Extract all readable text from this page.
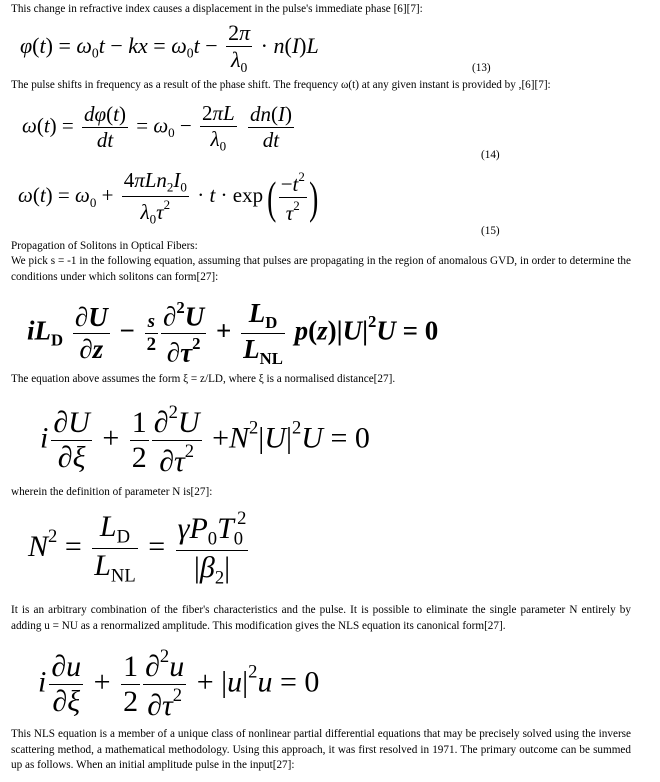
This change in refractive index causes a displacement in the pulse's immediate phase [6][7]:
$\varphi(t) = \omega_0t$ − kx = $\omega_0t - \frac{2\pi}{\lambda_0} \cdot n(I)L$
(13)
The pulse shifts in frequency as a result of the phase shift. The frequency ω(t) at any given instant is provided by ,[6][7]:
$\omega(t) = \frac{d\varphi(t)}{dt} = \omega_0 - \frac{2\pi L}{\lambda_0}$
$\frac{dn(I)}{dt}$
(14)
$\omega(t) = \omega_0 + \frac{4\pi Ln_2I_0}{\lambda_0\tau^2} \cdot t \cdot \exp$ ( $\frac{-t^2}{\tau^2}$ )
(15)
Propagation of Solitons in Optical Fibers:
We pick s = -1 in the following equation, assuming that pulses are propagating in the region of anomalous GVD, in order to determine the conditions under which solitons can form[27]:
$iL_D \frac{\partial U}{\partial z} - \frac{s}{2} \frac{\partial^2U}{\partial\tau^2} + \frac{L_D}{L_{NL}} p(z)|U|^2U = 0$
The equation above assumes the form ξ = z/LD, where ξ is a normalised distance[27].
i $\frac{\partial U}{\partial\xi} + \frac{1}{2} \frac{\partial^2U}{\partial\tau^2} +N^2|U|^2U = 0$
wherein the definition of parameter N is[27]:
$N^2 = \frac{L_D}{L_{NL}} = \frac{\gamma P_0T_0^2}{|\beta_2|}$
It is an arbitrary combination of the fiber's characteristics and the pulse. It is possible to eliminate the single parameter N entirely by adding u = NU as a renormalized amplitude. This modification gives the NLS equation its canonical form[27].
i $\frac{\partial u}{\partial\xi} + \frac{1}{2} \frac{\partial^2u}{\partial\tau^2} + |u|^2u = 0$
This NLS equation is a member of a unique class of nonlinear partial differential equations that may be precisely solved using the inverse scattering method, a mathematical methodology. Using this approach, it was first resolved in 1971. The primary outcome can be summed up as follows. When an initial amplitude pulse in the input[27]:
